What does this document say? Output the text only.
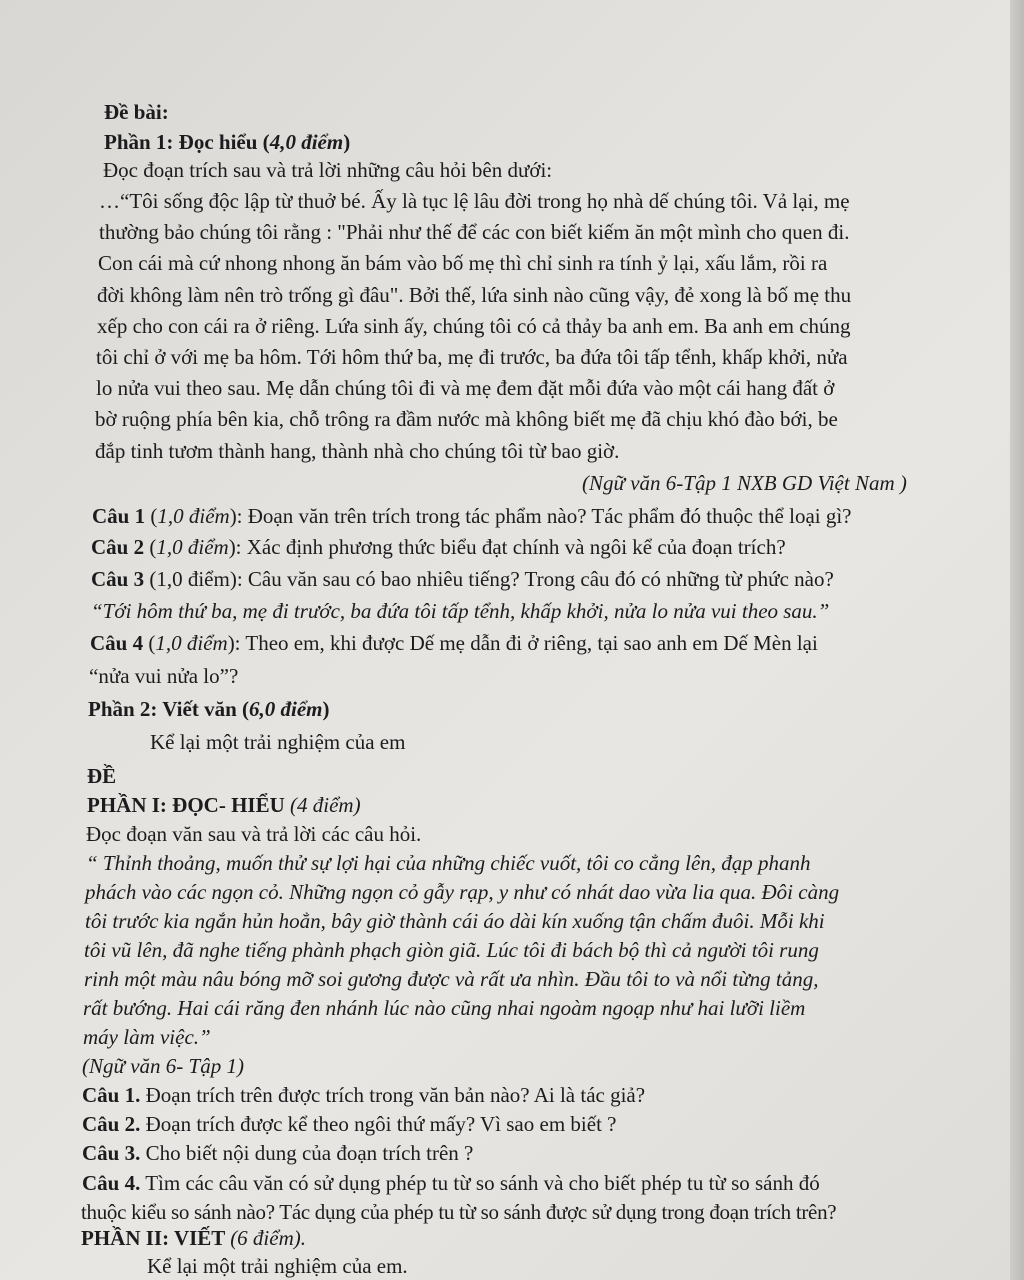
Đề bài:

Phần 1: Đọc hiểu (4,0 điểm)

Đọc đoạn trích sau và trả lời những câu hỏi bên dưới:

…“Tôi sống độc lập từ thuở bé. Ấy là tục lệ lâu đời trong họ nhà dế chúng tôi. Vả lại, mẹ

thường bảo chúng tôi rằng : "Phải như thế để các con biết kiếm ăn một mình cho quen đi.

Con cái mà cứ nhong nhong ăn bám vào bố mẹ thì chỉ sinh ra tính ỷ lại, xấu lắm, rồi ra

đời không làm nên trò trống gì đâu". Bởi thế, lứa sinh nào cũng vậy, đẻ xong là bố mẹ thu

xếp cho con cái ra ở riêng. Lứa sinh ấy, chúng tôi có cả thảy ba anh em. Ba anh em chúng

tôi chỉ ở với mẹ ba hôm. Tới hôm thứ ba, mẹ đi trước, ba đứa tôi tấp tểnh, khấp khởi, nửa

lo nửa vui theo sau. Mẹ dẫn chúng tôi đi và mẹ đem đặt mỗi đứa vào một cái hang đất ở

bờ ruộng phía bên kia, chỗ trông ra đầm nước mà không biết mẹ đã chịu khó đào bới, be

đắp tinh tươm thành hang, thành nhà cho chúng tôi từ bao giờ.

(Ngữ văn 6-Tập 1 NXB GD Việt Nam )

Câu 1 (1,0 điểm): Đoạn văn trên trích trong tác phẩm nào? Tác phẩm đó thuộc thể loại gì?

Câu 2 (1,0 điểm): Xác định phương thức biểu đạt chính và ngôi kể của đoạn trích?

Câu 3 (1,0 điểm): Câu văn sau có bao nhiêu tiếng? Trong câu đó có những từ phức nào?

“Tới hôm thứ ba, mẹ đi trước, ba đứa tôi tấp tểnh, khấp khởi, nửa lo nửa vui theo sau.”

Câu 4 (1,0 điểm): Theo em, khi được Dế mẹ dẫn đi ở riêng, tại sao anh em Dế Mèn lại

“nửa vui nửa lo”?

Phần 2: Viết văn (6,0 điểm)

Kể lại một trải nghiệm của em

ĐỀ

PHẦN I: ĐỌC- HIỂU (4 điểm)

Đọc đoạn văn sau và trả lời các câu hỏi.

“ Thỉnh thoảng, muốn thử sự lợi hại của những chiếc vuốt, tôi co cẳng lên, đạp phanh

phách vào các ngọn cỏ. Những ngọn cỏ gẫy rạp, y như có nhát dao vừa lia qua. Đôi càng

tôi trước kia ngắn hủn hoẳn, bây giờ thành cái áo dài kín xuống tận chấm đuôi. Mỗi khi

tôi vũ lên, đã nghe tiếng phành phạch giòn giã. Lúc tôi đi bách bộ thì cả người tôi rung

rinh một màu nâu bóng mỡ soi gương được và rất ưa nhìn. Đầu tôi to và nổi từng tảng,

rất bướng. Hai cái răng đen nhánh lúc nào cũng nhai ngoàm ngoạp như hai lưỡi liềm

máy làm việc.”

(Ngữ văn 6- Tập 1)

Câu 1. Đoạn trích trên được trích trong văn bản nào? Ai là tác giả?

Câu 2. Đoạn trích được kể theo ngôi thứ mấy? Vì sao em biết ?

Câu 3. Cho biết nội dung của đoạn trích trên ?

Câu 4. Tìm các câu văn có sử dụng phép tu từ so sánh và cho biết phép tu từ so sánh đó

thuộc kiểu so sánh nào? Tác dụng của phép tu từ so sánh được sử dụng trong đoạn trích trên?

PHẦN II: VIẾT (6 điểm).

Kể lại một trải nghiệm của em.
